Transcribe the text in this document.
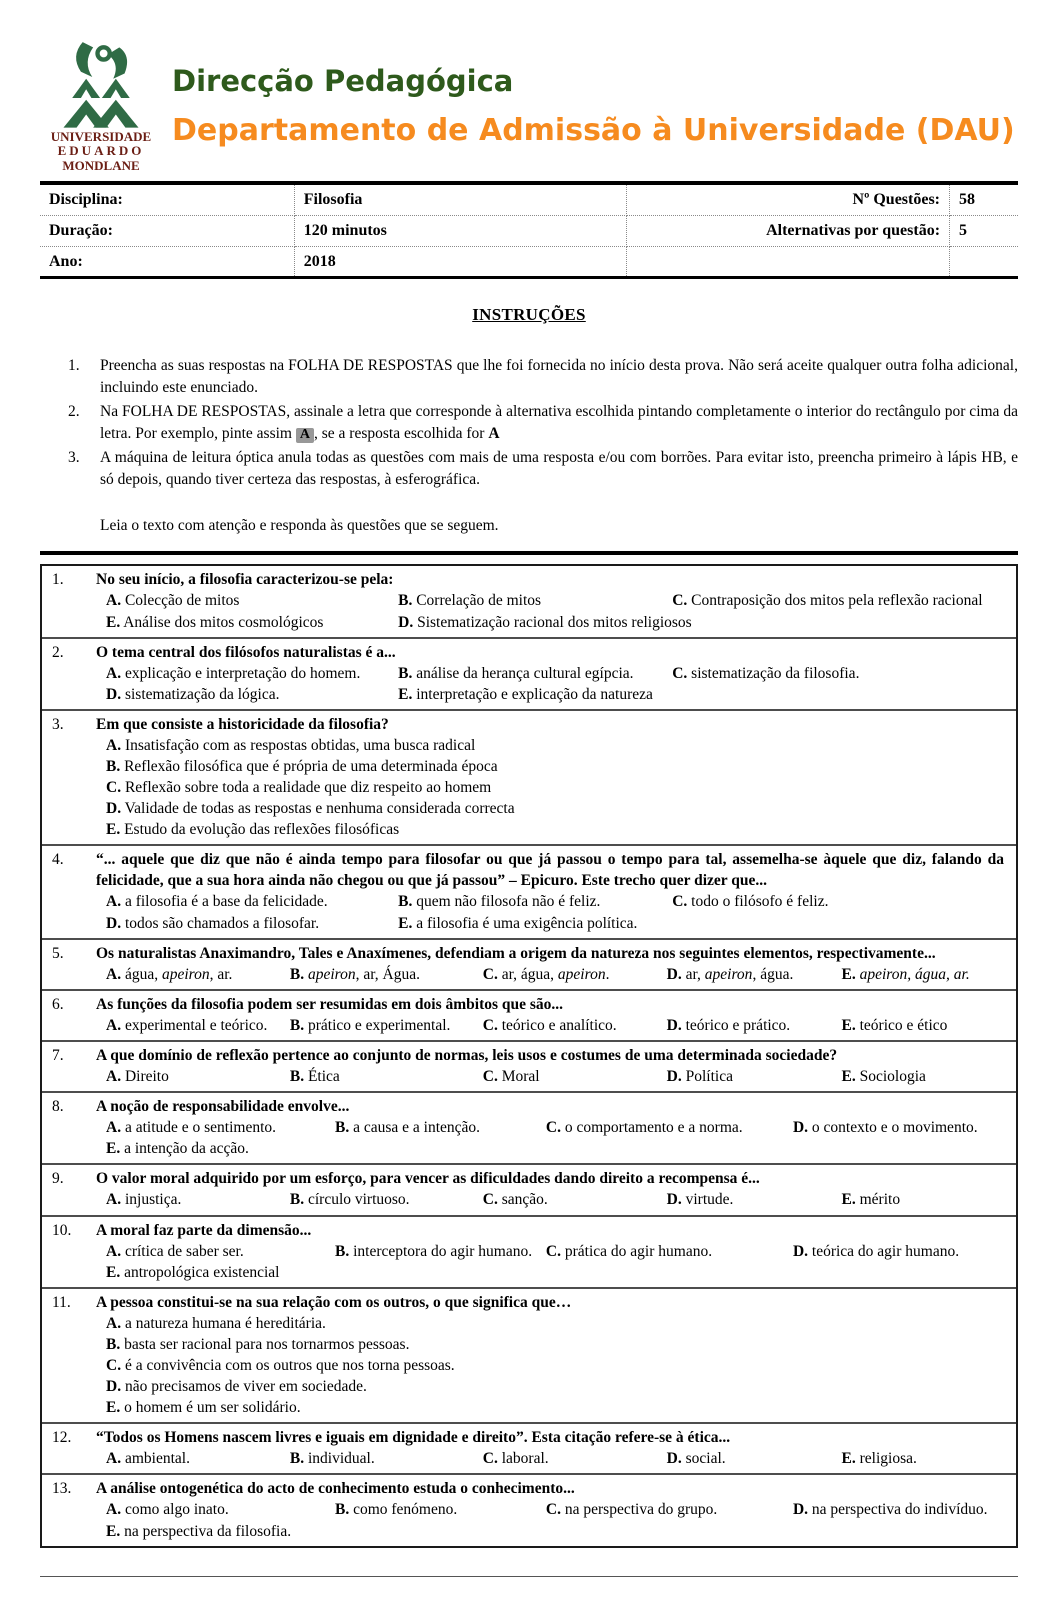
UNIVERSIDADE
EDUARDO
MONDLANE
Direcção Pedagógica
Departamento de Admissão à Universidade (DAU)
Disciplina:	Filosofia	Nº Questões:	58
Duração:	120 minutos	Alternativas por questão:	5
Ano:	2018		
INSTRUÇÕES
1.	Preencha as suas respostas na FOLHA DE RESPOSTAS que lhe foi fornecida no início desta prova. Não será aceite qualquer outra folha adicional, incluindo este enunciado.
2.	Na FOLHA DE RESPOSTAS, assinale a letra que corresponde à alternativa escolhida pintando completamente o interior do rectângulo por cima da letra. Por exemplo, pinte assim A , se a resposta escolhida for A
3.	A máquina de leitura óptica anula todas as questões com mais de uma resposta e/ou com borrões. Para evitar isto, preencha primeiro à lápis HB, e só depois, quando tiver certeza das respostas, à esferográfica.
Leia o texto com atenção e responda às questões que se seguem.
1.	No seu início, a filosofia caracterizou-se pela:
A. Colecção de mitos	B. Correlação de mitos	C. Contraposição dos mitos pela reflexão racional
E. Análise dos mitos cosmológicos	D. Sistematização racional dos mitos religiosos
2.	O tema central dos filósofos naturalistas é a...
A. explicação e interpretação do homem.	B. análise da herança cultural egípcia.	C. sistematização da filosofia.
D. sistematização da lógica.	E. interpretação e explicação da natureza
3.	Em que consiste a historicidade da filosofia?
A. Insatisfação com as respostas obtidas, uma busca radical
B. Reflexão filosófica que é própria de uma determinada época
C. Reflexão sobre toda a realidade que diz respeito ao homem
D. Validade de todas as respostas e nenhuma considerada correcta
E. Estudo da evolução das reflexões filosóficas
4.	“... aquele que diz que não é ainda tempo para filosofar ou que já passou o tempo para tal, assemelha-se àquele que diz, falando da felicidade, que a sua hora ainda não chegou ou que já passou” – Epicuro. Este trecho quer dizer que...
A. a filosofia é a base da felicidade.	B. quem não filosofa não é feliz.	C. todo o filósofo é feliz.
D. todos são chamados a filosofar.	E. a filosofia é uma exigência política.
5.	Os naturalistas Anaximandro, Tales e Anaxímenes, defendiam a origem da natureza nos seguintes elementos, respectivamente...
A. água, apeiron, ar.	B. apeiron, ar, Água.	C. ar, água, apeiron.	D. ar, apeiron, água.	E. apeiron, água, ar.
6.	As funções da filosofia podem ser resumidas em dois âmbitos que são...
A. experimental e teórico.	B. prático e experimental.	C. teórico e analítico.	D. teórico e prático.	E. teórico e ético
7.	A que domínio de reflexão pertence ao conjunto de normas, leis usos e costumes de uma determinada sociedade?
A. Direito	B. Ética	C. Moral	D. Política	E. Sociologia
8.	A noção de responsabilidade envolve...
A. a atitude e o sentimento.	B. a causa e a intenção.	C. o comportamento e a norma.	D. o contexto e o movimento.
E. a intenção da acção.
9.	O valor moral adquirido por um esforço, para vencer as dificuldades dando direito a recompensa é...
A. injustiça.	B. círculo virtuoso.	C. sanção.	D. virtude.	E. mérito
10.	A moral faz parte da dimensão...
A. crítica de saber ser.	B. interceptora do agir humano. C. prática do agir humano.	D. teórica do agir humano.
E. antropológica existencial
11.	A pessoa constitui-se na sua relação com os outros, o que significa que…
A. a natureza humana é hereditária.
B. basta ser racional para nos tornarmos pessoas.
C. é a convivência com os outros que nos torna pessoas.
D. não precisamos de viver em sociedade.
E. o homem é um ser solidário.
12.	“Todos os Homens nascem livres e iguais em dignidade e direito”. Esta citação refere-se à ética...
A. ambiental.	B. individual.	C. laboral.	D. social.	E. religiosa.
13.	A análise ontogenética do acto de conhecimento estuda o conhecimento...
A. como algo inato.	B. como fenómeno.	C. na perspectiva do grupo.	D. na perspectiva do indivíduo.
E. na perspectiva da filosofia.
